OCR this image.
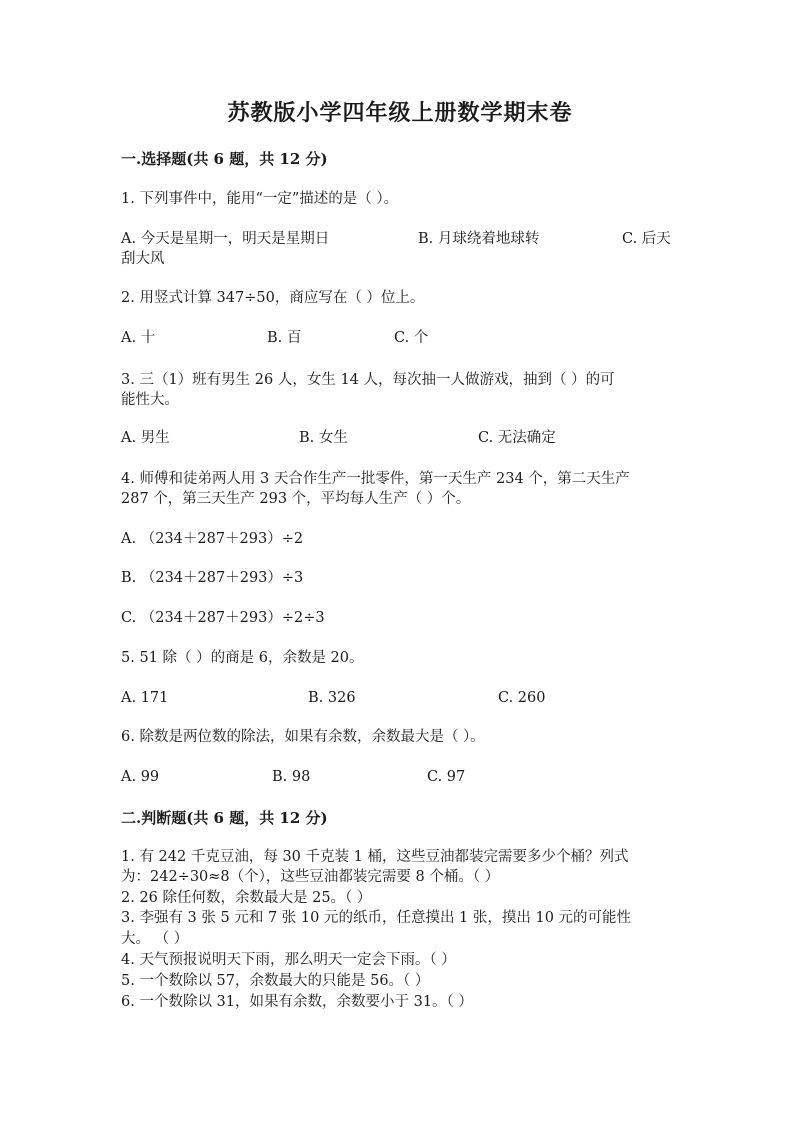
苏教版小学四年级上册数学期末卷
一.选择题(共 6 题，共 12 分)
1. 下列事件中，能用“一定”描述的是（ ）。
A. 今天是星期一，明天是星期日	B. 月球绕着地球转	C. 后天
刮大风
2. 用竖式计算 347÷50，商应写在（ ）位上。
A. 十	B. 百	C. 个
3. 三（1）班有男生 26 人，女生 14 人，每次抽一人做游戏，抽到（ ）的可
能性大。
A. 男生	B. 女生	C. 无法确定
4. 师傅和徒弟两人用 3 天合作生产一批零件，第一天生产 234 个，第二天生产
287 个，第三天生产 293 个，平均每人生产（ ）个。
A. （234＋287＋293）÷2
B. （234＋287＋293）÷3
C. （234＋287＋293）÷2÷3
5. 51 除（ ）的商是 6，余数是 20。
A. 171	B. 326	C. 260
6. 除数是两位数的除法，如果有余数，余数最大是（ ）。
A. 99	B. 98	C. 97
二.判断题(共 6 题，共 12 分)
1. 有 242 千克豆油，每 30 千克装 1 桶，这些豆油都装完需要多少个桶？列式
为：242÷30≈8（个），这些豆油都装完需要 8 个桶。（ ）
2. 26 除任何数，余数最大是 25。（ ）
3. 李强有 3 张 5 元和 7 张 10 元的纸币，任意摸出 1 张，摸出 10 元的可能性
大。 （ ）
4. 天气预报说明天下雨，那么明天一定会下雨。（ ）
5. 一个数除以 57，余数最大的只能是 56。（ ）
6. 一个数除以 31，如果有余数，余数要小于 31。（ ）
